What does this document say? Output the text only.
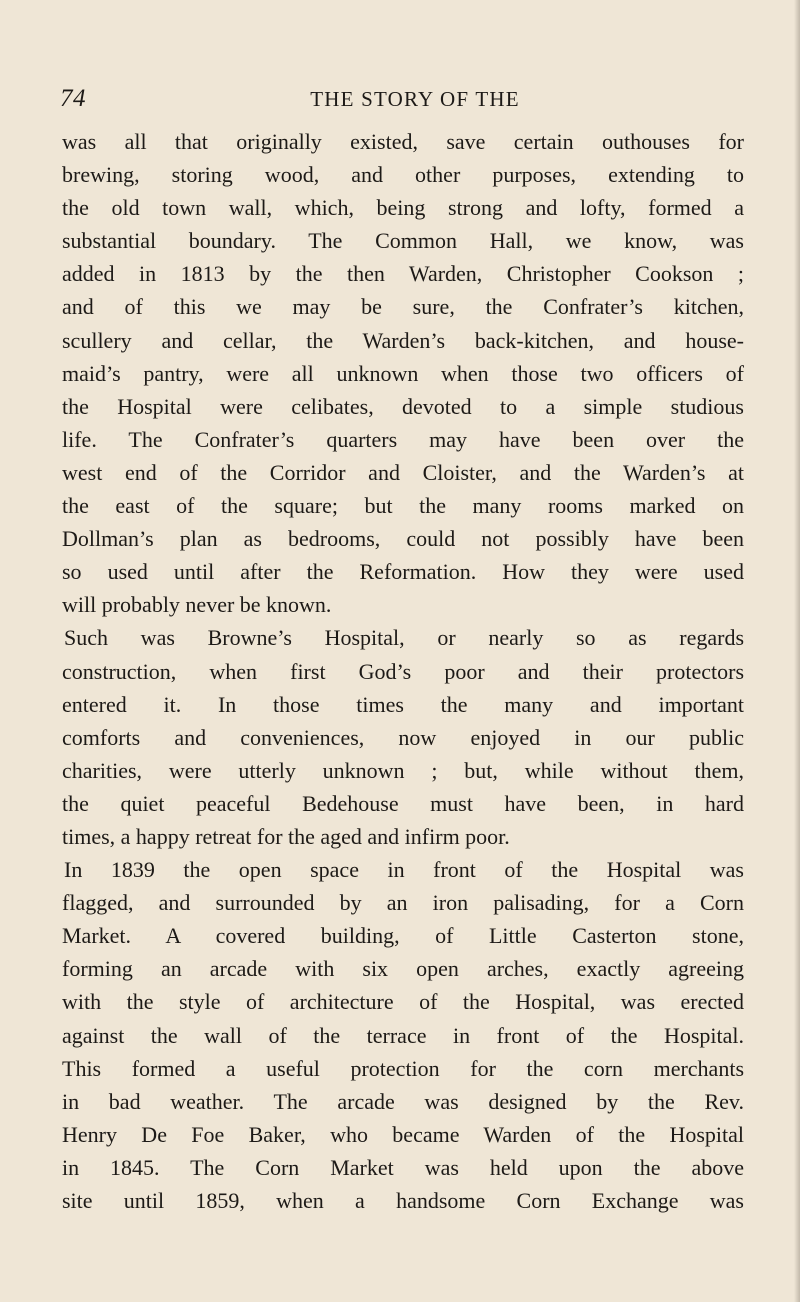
74	THE STORY OF THE
was all that originally existed, save certain outhouses for
brewing, storing wood, and other purposes, extending to
the old town wall, which, being strong and lofty, formed a
substantial boundary. The Common Hall, we know, was
added in 1813 by the then Warden, Christopher Cookson ;
and of this we may be sure, the Confrater’s kitchen,
scullery and cellar, the Warden’s back-kitchen, and house-
maid’s pantry, were all unknown when those two officers of
the Hospital were celibates, devoted to a simple studious
life. The Confrater’s quarters may have been over the
west end of the Corridor and Cloister, and the Warden’s at
the east of the square; but the many rooms marked on
Dollman’s plan as bedrooms, could not possibly have been
so used until after the Reformation. How they were used
will probably never be known.
Such was Browne’s Hospital, or nearly so as regards
construction, when first God’s poor and their protectors
entered it. In those times the many and important
comforts and conveniences, now enjoyed in our public
charities, were utterly unknown ; but, while without them,
the quiet peaceful Bedehouse must have been, in hard
times, a happy retreat for the aged and infirm poor.
In 1839 the open space in front of the Hospital was
flagged, and surrounded by an iron palisading, for a Corn
Market. A covered building, of Little Casterton stone,
forming an arcade with six open arches, exactly agreeing
with the style of architecture of the Hospital, was erected
against the wall of the terrace in front of the Hospital.
This formed a useful protection for the corn merchants
in bad weather. The arcade was designed by the Rev.
Henry De Foe Baker, who became Warden of the Hospital
in 1845. The Corn Market was held upon the above
site until 1859, when a handsome Corn Exchange was
